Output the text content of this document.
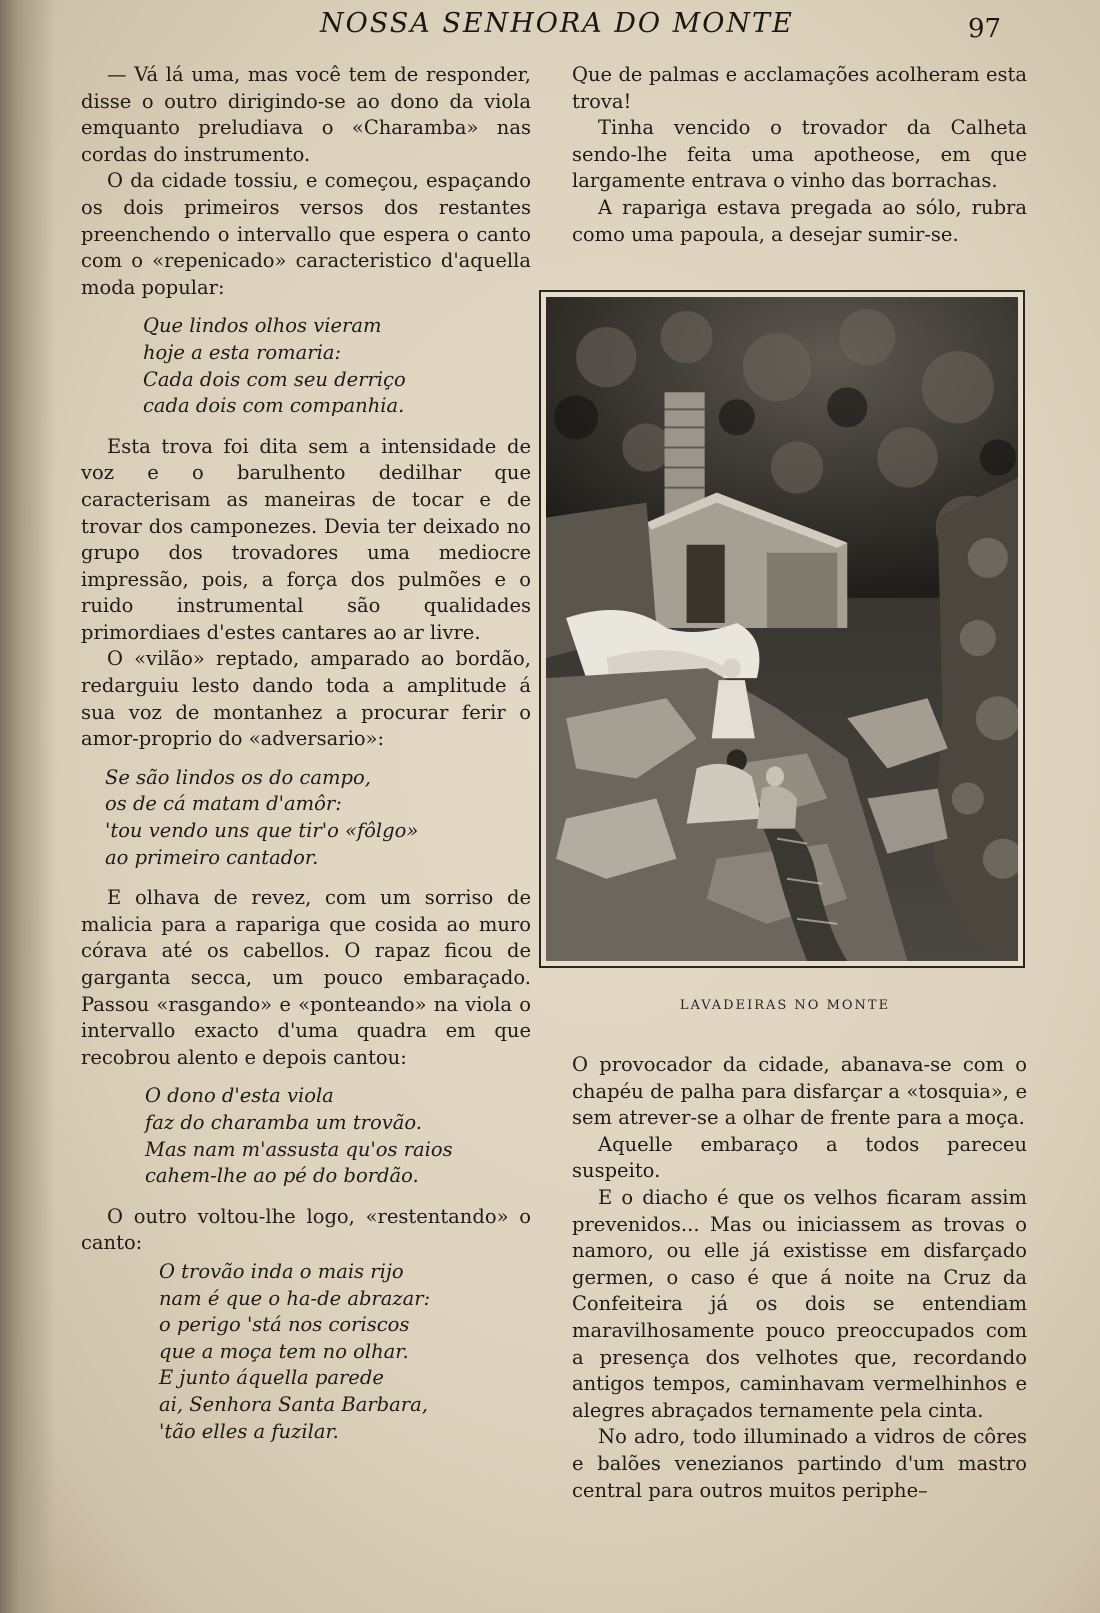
NOSSA SENHORA DO MONTE	97

— Vá lá uma, mas você tem de responder, disse o outro dirigindo-se ao dono da viola emquanto preludiava o «Charamba» nas cordas do instrumento.

O da cidade tossiu, e começou, espaçando os dois primeiros versos dos restantes preenchendo o intervallo que espera o canto com o «repenicado» caracteristico d'aquella moda popular:

Que lindos olhos vieram
hoje a esta romaria:
Cada dois com seu derriço
cada dois com companhia.

Esta trova foi dita sem a intensidade de voz e o barulhento dedilhar que caracterisam as maneiras de tocar e de trovar dos camponezes. Devia ter deixado no grupo dos trovadores uma mediocre impressão, pois, a força dos pulmões e o ruido instrumental são qualidades primordiaes d'estes cantares ao ar livre.

O «vilão» reptado, amparado ao bordão, redarguiu lesto dando toda a amplitude á sua voz de montanhez a procurar ferir o amor-proprio do «adversario»:

Se são lindos os do campo,
os de cá matam d'amôr:
'tou vendo uns que tir'o «fôlgo»
ao primeiro cantador.

E olhava de revez, com um sorriso de malicia para a rapariga que cosida ao muro córava até os cabellos. O rapaz ficou de garganta secca, um pouco embaraçado. Passou «rasgando» e «ponteando» na viola o intervallo exacto d'uma quadra em que recobrou alento e depois cantou:

O dono d'esta viola
faz do charamba um trovão.
Mas nam m'assusta qu'os raios
cahem-lhe ao pé do bordão.

O outro voltou-lhe logo, «restentando» o canto:

O trovão inda o mais rijo
nam é que o ha-de abrazar:
o perigo 'stá nos coriscos
que a moça tem no olhar.
E junto áquella parede
ai, Senhora Santa Barbara,
'tão elles a fuzilar.

Que de palmas e acclamações acolheram esta trova!

Tinha vencido o trovador da Calheta sendo-lhe feita uma apotheose, em que largamente entrava o vinho das borrachas.

A rapariga estava pregada ao sólo, rubra como uma papoula, a desejar sumir-se.

LAVADEIRAS NO MONTE

O provocador da cidade, abanava-se com o chapéu de palha para disfarçar a «tosquia», e sem atrever-se a olhar de frente para a moça.

Aquelle embaraço a todos pareceu suspeito.

E o diacho é que os velhos ficaram assim prevenidos... Mas ou iniciassem as trovas o namoro, ou elle já existisse em disfarçado germen, o caso é que á noite na Cruz da Confeiteira já os dois se entendiam maravilhosamente pouco preoccupados com a presença dos velhotes que, recordando antigos tempos, caminhavam vermelhinhos e alegres abraçados ternamente pela cinta.

No adro, todo illuminado a vidros de côres e balões venezianos partindo d'um mastro central para outros muitos periphe–
